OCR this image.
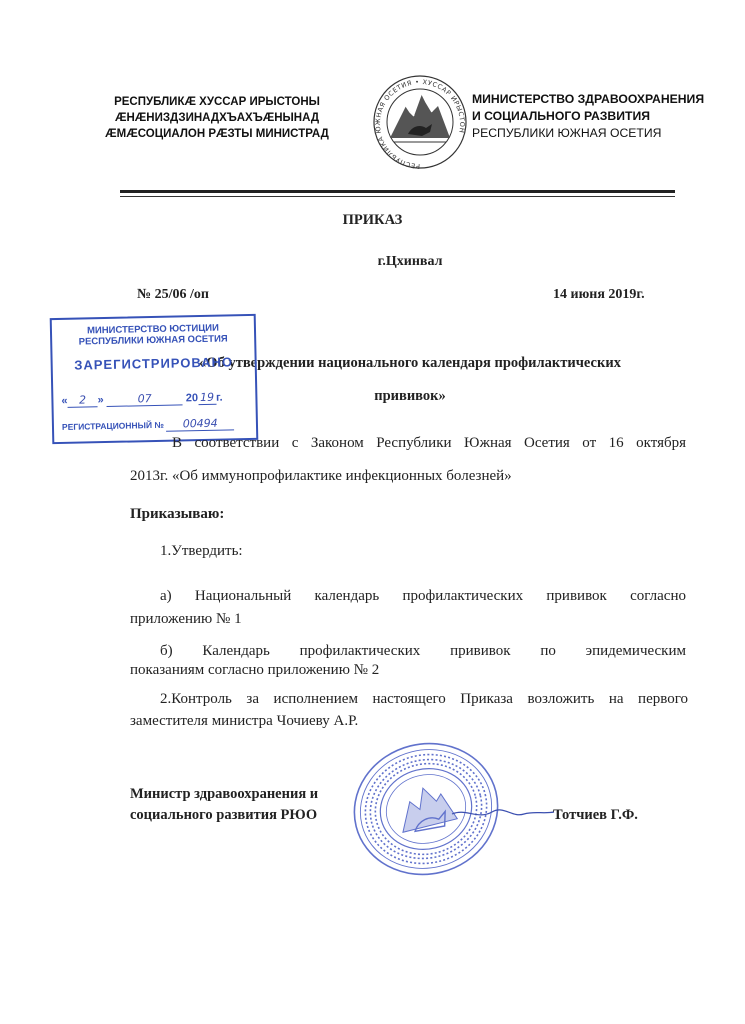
РЕСПУБЛИКÆ ХУССАР ИРЫСТОНЫ
ÆНÆНИЗДЗИНАДХЪАХЪÆНЫНАД
ÆМÆСОЦИАЛОН РÆЗТЫ МИНИСТРАД
РЕСПУБЛИКА ЮЖНАЯ ОСЕТИЯ • ХУССАР ИРЫСТОН
МИНИСТЕРСТВО ЗДРАВООХРАНЕНИЯ
И СОЦИАЛЬНОГО РАЗВИТИЯ
РЕСПУБЛИКИ ЮЖНАЯ ОСЕТИЯ
ПРИКАЗ
г.Цхинвал
№ 25/06 /оп	14 июня 2019г.
«Об утверждении национального календаря профилактических
прививок»
МИНИСТЕРСТВО ЮСТИЦИИ
РЕСПУБЛИКИ ЮЖНАЯ ОСЕТИЯ
ЗАРЕГИСТРИРОВАНО
« 2 »	07	20 19 г.
РЕГИСТРАЦИОННЫЙ № 00494
В соответствии с Законом Республики Южная Осетия от 16 октября
2013г. «Об иммунопрофилактике инфекционных болезней»
Приказываю:
1.Утвердить:
а) Национальный календарь профилактических прививок согласно
приложению № 1
б) Календарь профилактических прививок по эпидемическим
показаниям согласно приложению № 2
2.Контроль за исполнением настоящего Приказа возложить на первого
заместителя министра Чочиеву А.Р.
Министр здравоохранения и
социального развития РЮО	Тотчиев Г.Ф.
